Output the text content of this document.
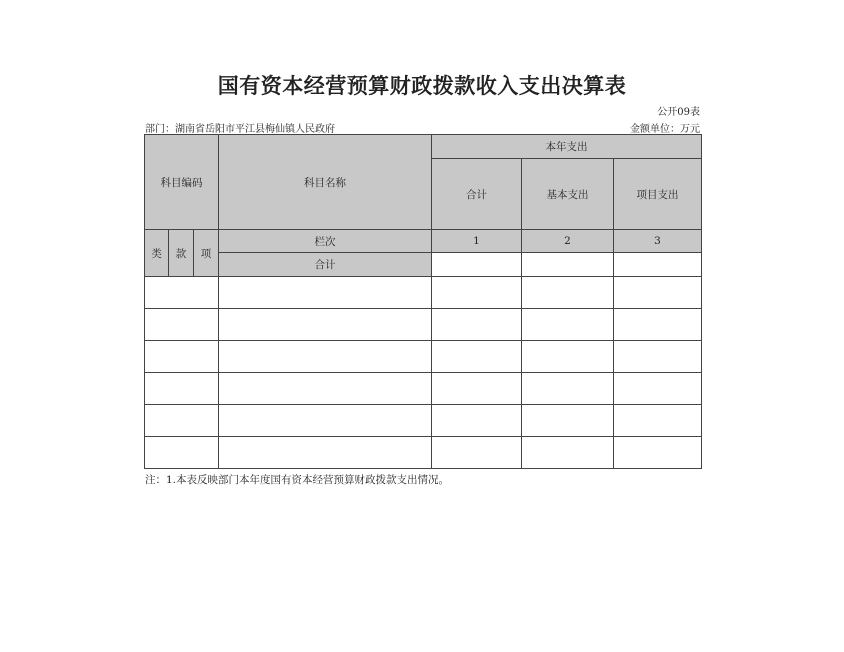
国有资本经营预算财政拨款收入支出决算表
公开09表
部门：湖南省岳阳市平江县梅仙镇人民政府	金额单位：万元
科目编码			科目名称	本年支出		
				合计	基本支出	项目支出
类	款	项	栏次	1	2	3
			合计			

注：1.本表反映部门本年度国有资本经营预算财政拨款支出情况。
